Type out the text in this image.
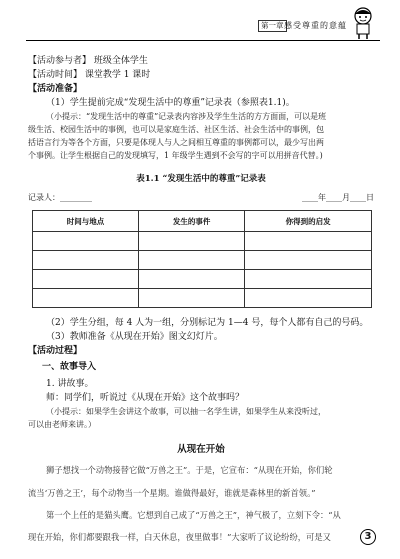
第一章 感受尊重的意蕴

【活动参与者】 班级全体学生

【活动时间】 课堂教学 1 课时

【活动准备】

（1）学生提前完成“发现生活中的尊重”记录表（参照表1.1)。

（小提示：“发现生活中的尊重”记录表内容涉及学生生活的方方面面，可以是班

级生活、校园生活中的事例，也可以是家庭生活、社区生活、社会生活中的事例，包

括语言行为等各个方面，只要是体现人与人之间相互尊重的事例都可以，最少写出两

个事例。让学生根据自己的发现填写，1 年级学生遇到不会写的字可以用拼音代替。)

表1.1 “发现生活中的尊重”记录表
记录人：________	____年____月____日
时间与地点	发生的事件	你得到的启发

（2）学生分组，每 4 人为一组，分别标记为 1—4 号，每个人都有自己的号码。

（3）教师准备《从现在开始》图文幻灯片。

【活动过程】

一、故事导入

1. 讲故事。

师：同学们，听说过《从现在开始》这个故事吗？

（小提示：如果学生会讲这个故事，可以抽一名学生讲，如果学生从来没听过，

可以由老师来讲。）

从现在开始

狮子想找一个动物接替它做“万兽之王”。于是，它宣布：“从现在开始，你们轮

流当‘万兽之王’，每个动物当一个星期。谁做得最好，谁就是森林里的新首领。”

第一个上任的是猫头鹰。它想到自己成了“万兽之王”，神气极了，立刻下令：“从

现在开始，你们都要跟我一样，白天休息，夜里做事！”大家听了议论纷纷，可是又	3
